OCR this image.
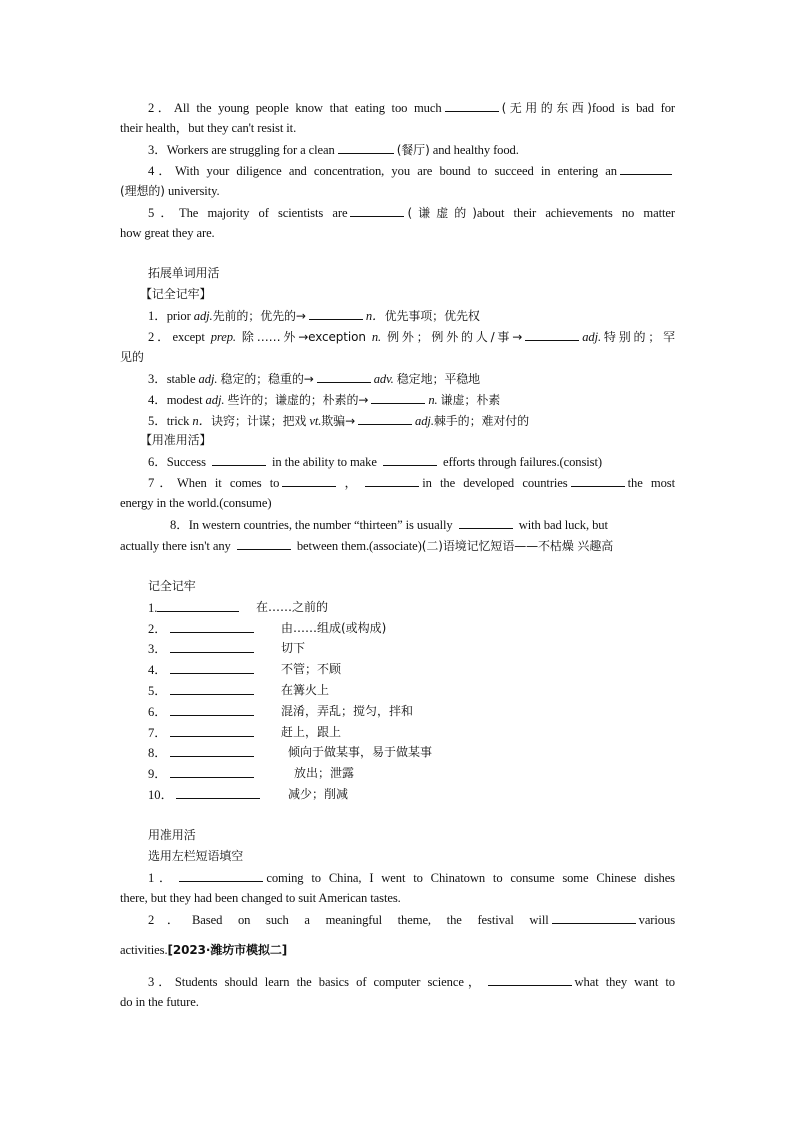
2．All the young people know that eating too much	(无用的东西)food is bad for
their health，but they can't resist it.
3．Workers are struggling for a clean	(餐厅) and healthy food.
4．With your diligence and concentration, you are bound to succeed in entering an
(理想的) university.
5．The majority of scientists are	(谦虚的)about their achievements no matter
how great they are.
拓展单词用活
【记全记牢】
1．prior adj.先前的；优先的→	n．优先事项；优先权
2．except prep. 除……外→exception n. 例外；例外的人/事→	adj.特别的；罕
见的
3．stable adj. 稳定的；稳重的→	adv. 稳定地；平稳地
4．modest adj. 些许的；谦虚的；朴素的→	n. 谦虚；朴素
5．trick n．诀窍；计谋；把戏 vt.欺骗→	adj.棘手的；难对付的
【用准用活】
6．Success	in the ability to make	efforts through failures.(consist)
7．When it comes to	，	in the developed countries	the most
energy in the world.(consume)
8．In western countries, the number “thirteen” is usually	with bad luck, but
actually there isn't any	between them.(associate)(二)语境记忆短语——不枯燥 兴趣高
记全记牢
1.	在……之前的
2．	由……组成(或构成)
3．	切下
4．	不管；不顾
5．	在篝火上
6．	混淆，弄乱；搅匀，拌和
7．	赶上，跟上
8．	倾向于做某事，易于做某事
9．	放出；泄露
10．	减少；削减
用准用活
选用左栏短语填空
1．	coming to China, I went to Chinatown to consume some Chinese dishes
there, but they had been changed to suit American tastes.
2．Based on such a meaningful theme, the festival will	various
activities.[2023·潍坊市模拟二]
3．Students should learn the basics of computer science，	what they want to
do in the future.
